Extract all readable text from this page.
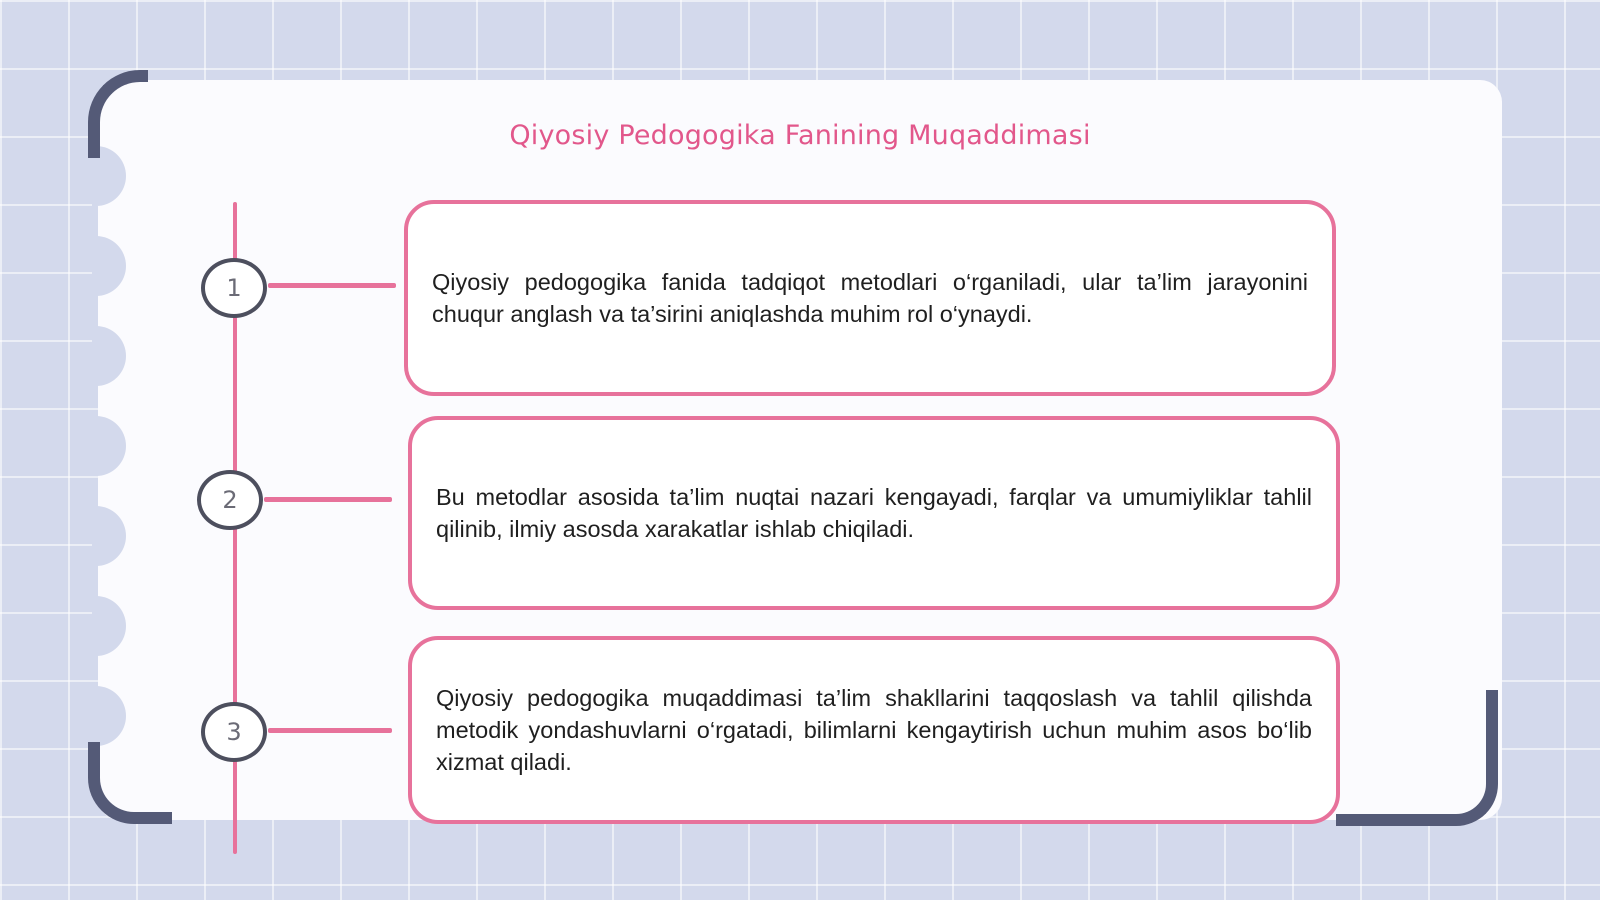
Qiyosiy Pedogogika Fanining Muqaddimasi
1	Qiyosiy pedogogika fanida tadqiqot metodlari o‘rganiladi, ular ta’lim jarayonini chuqur anglash va ta’sirini aniqlashda muhim rol o‘ynaydi.

2	Bu metodlar asosida ta’lim nuqtai nazari kengayadi, farqlar va umumiyliklar tahlil qilinib, ilmiy asosda xarakatlar ishlab chiqiladi.

3

Qiyosiy pedogogika muqaddimasi ta’lim shakllarini taqqoslash va tahlil qilishda metodik yondashuvlarni o‘rgatadi, bilimlarni kengaytirish uchun muhim asos bo‘lib xizmat qiladi.
